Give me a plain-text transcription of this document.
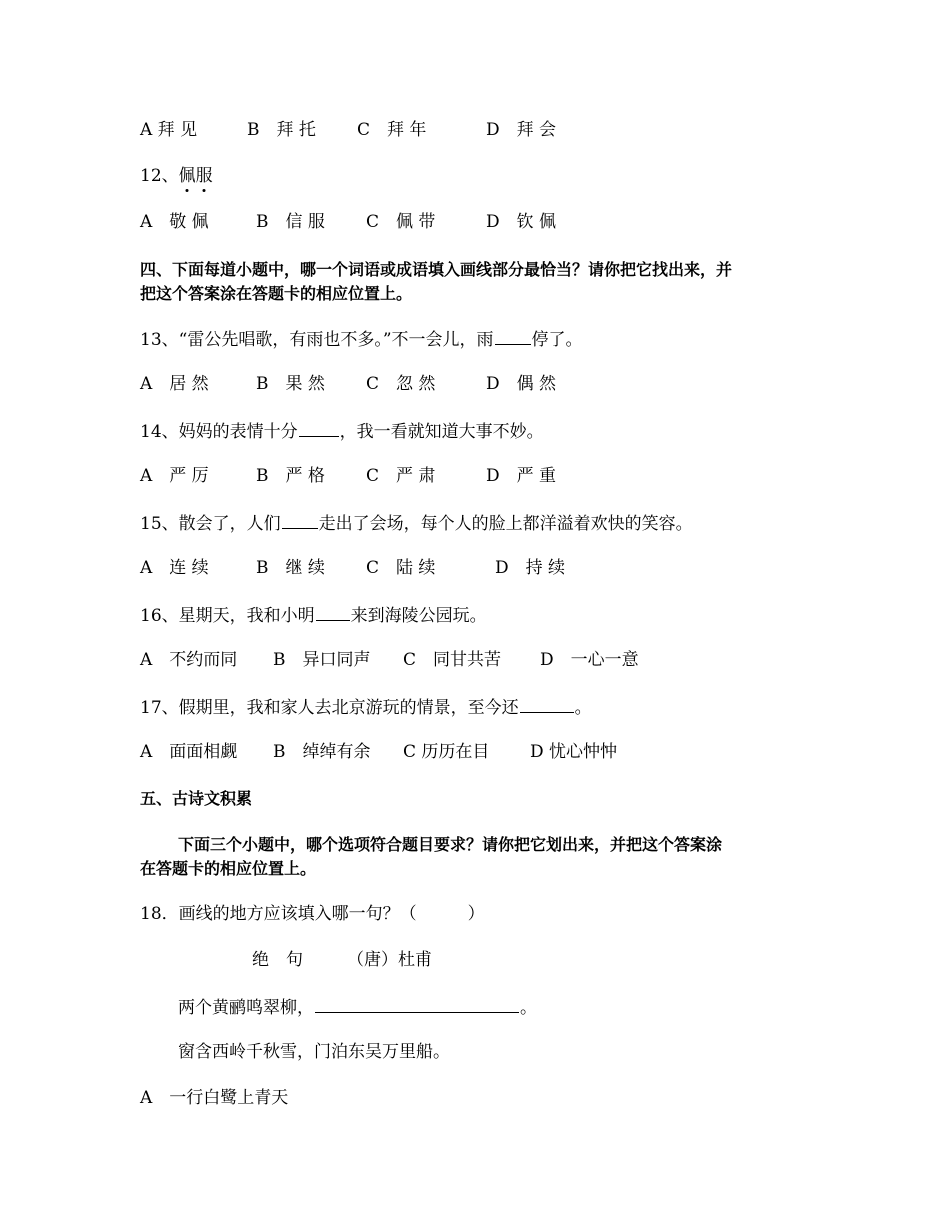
A 拜 见	B　拜 托 C　拜 年	D　拜 会
12、佩服
A　敬 佩	B　信 服 C　佩 带	D　钦 佩
四、下面每道小题中，哪一个词语或成语填入画线部分最恰当？请你把它找出来，并
把这个答案涂在答题卡的相应位置上。
13、“雷公先唱歌，有雨也不多。”不一会儿，雨 停了。
A　居 然	B　果 然 C　忽 然	D　偶 然
14、妈妈的表情十分 ，我一看就知道大事不妙。
A　严 厉	B　严 格 C　严 肃	D　严 重
15、散会了，人们 走出了会场，每个人的脸上都洋溢着欢快的笑容。
A　连 续	B　继 续 C　陆 续	D　持 续
16、星期天，我和小明 来到海陵公园玩。
A　不约而同 B　异口同声 C　同甘共苦 D　一心一意
17、假期里，我和家人去北京游玩的情景，至今还	。
A　面面相觑 B　绰绰有余 C 历历在目 D 忧心忡忡
五、古诗文积累
下面三个小题中，哪个选项符合题目要求？请你把它划出来，并把这个答案涂
在答题卡的相应位置上。
18．画线的地方应该填入哪一句？（　　　）
绝　句	（唐）杜甫
两个黄鹂鸣翠柳，	。
窗含西岭千秋雪，门泊东吴万里船。
A　一行白鹭上青天
